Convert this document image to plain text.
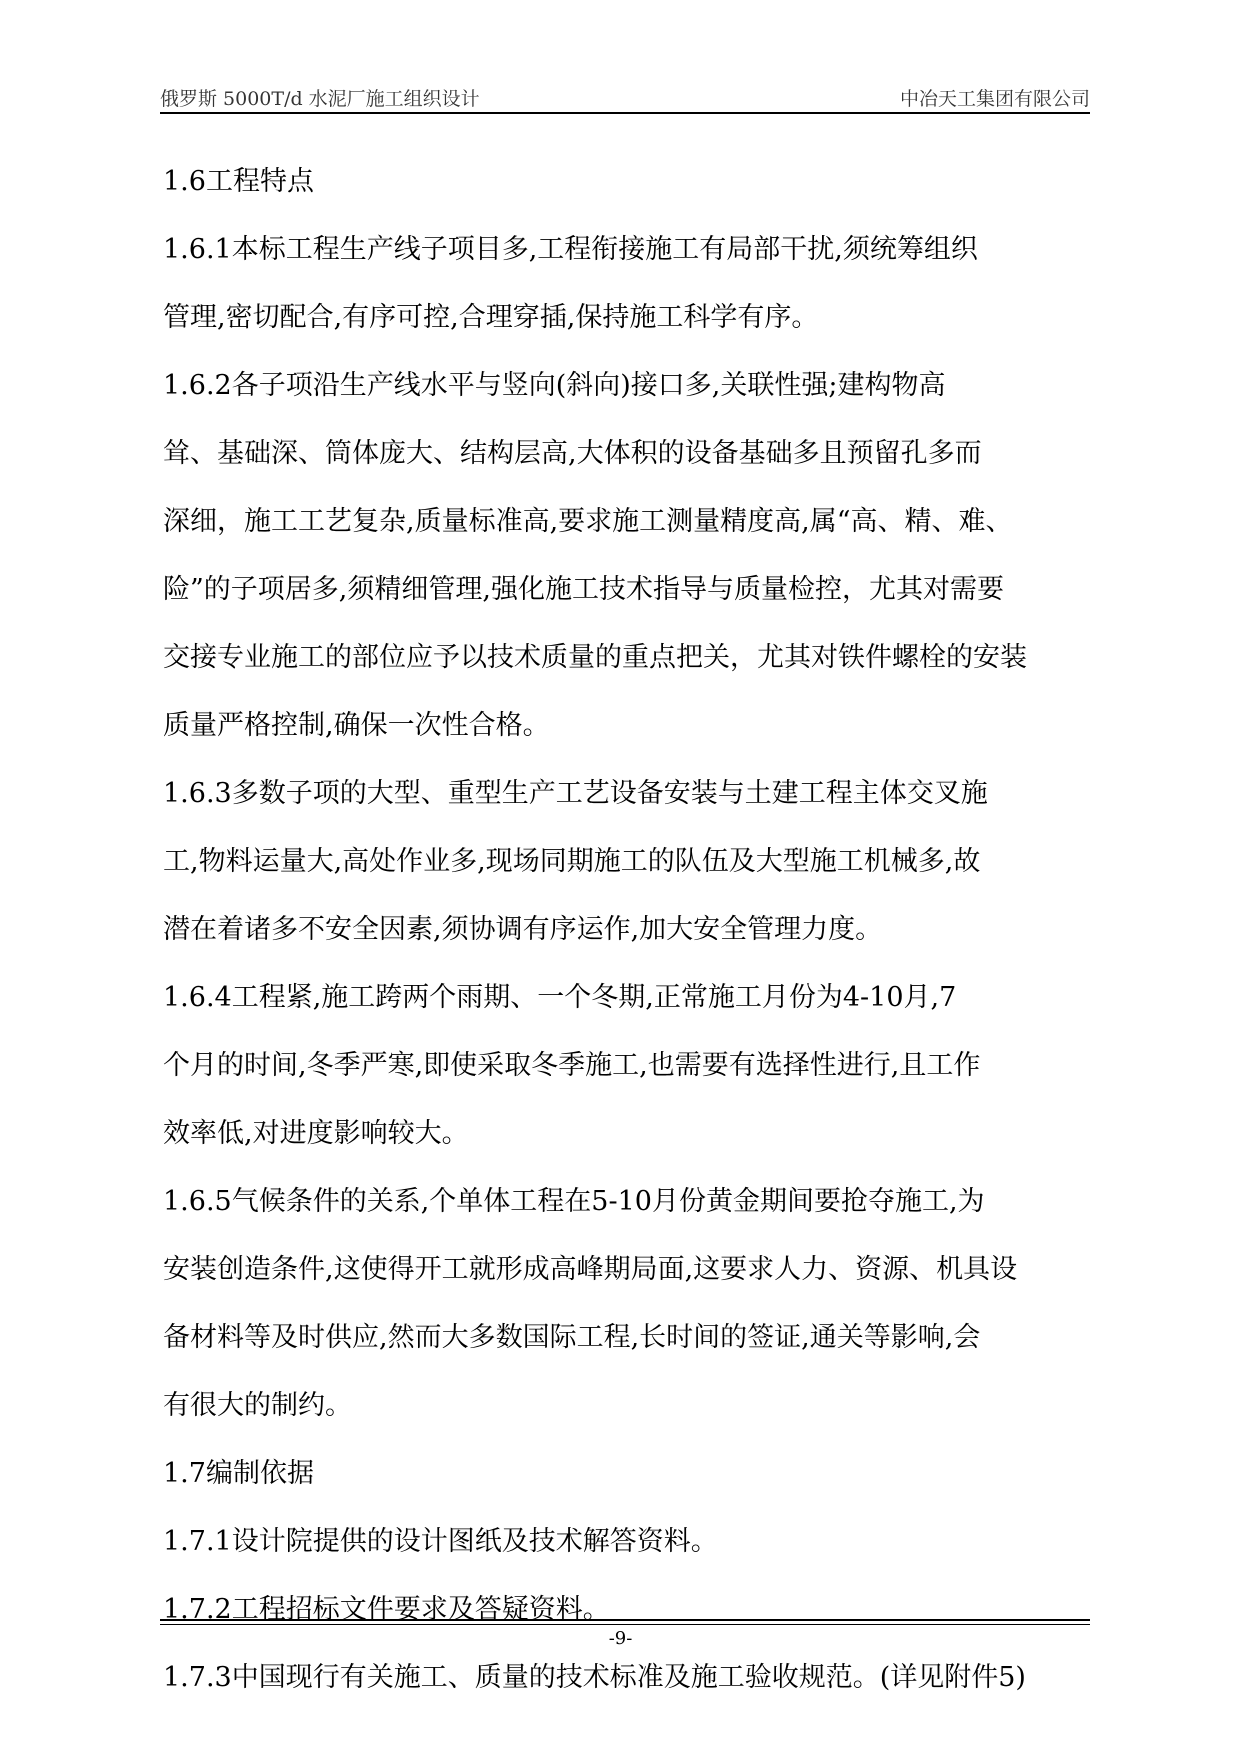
俄罗斯 5000T/d 水泥厂施工组织设计	中冶天工集团有限公司
1.6工程特点
1.6.1本标工程生产线子项目多,工程衔接施工有局部干扰,须统筹组织
管理,密切配合,有序可控,合理穿插,保持施工科学有序。
1.6.2各子项沿生产线水平与竖向(斜向)接口多,关联性强;建构物高
耸、基础深、筒体庞大、结构层高,大体积的设备基础多且预留孔多而
深细，施工工艺复杂,质量标准高,要求施工测量精度高,属“高、精、难、
险”的子项居多,须精细管理,强化施工技术指导与质量检控，尤其对需要
交接专业施工的部位应予以技术质量的重点把关，尤其对铁件螺栓的安装
质量严格控制,确保一次性合格。
1.6.3多数子项的大型、重型生产工艺设备安装与土建工程主体交叉施
工,物料运量大,高处作业多,现场同期施工的队伍及大型施工机械多,故
潜在着诸多不安全因素,须协调有序运作,加大安全管理力度。
1.6.4工程紧,施工跨两个雨期、一个冬期,正常施工月份为4-10月,7
个月的时间,冬季严寒,即使采取冬季施工,也需要有选择性进行,且工作
效率低,对进度影响较大。
1.6.5气候条件的关系,个单体工程在5-10月份黄金期间要抢夺施工,为
安装创造条件,这使得开工就形成高峰期局面,这要求人力、资源、机具设
备材料等及时供应,然而大多数国际工程,长时间的签证,通关等影响,会
有很大的制约。
1.7编制依据
1.7.1设计院提供的设计图纸及技术解答资料。
1.7.2工程招标文件要求及答疑资料。
1.7.3中国现行有关施工、质量的技术标准及施工验收规范。(详见附件5)
-9-
